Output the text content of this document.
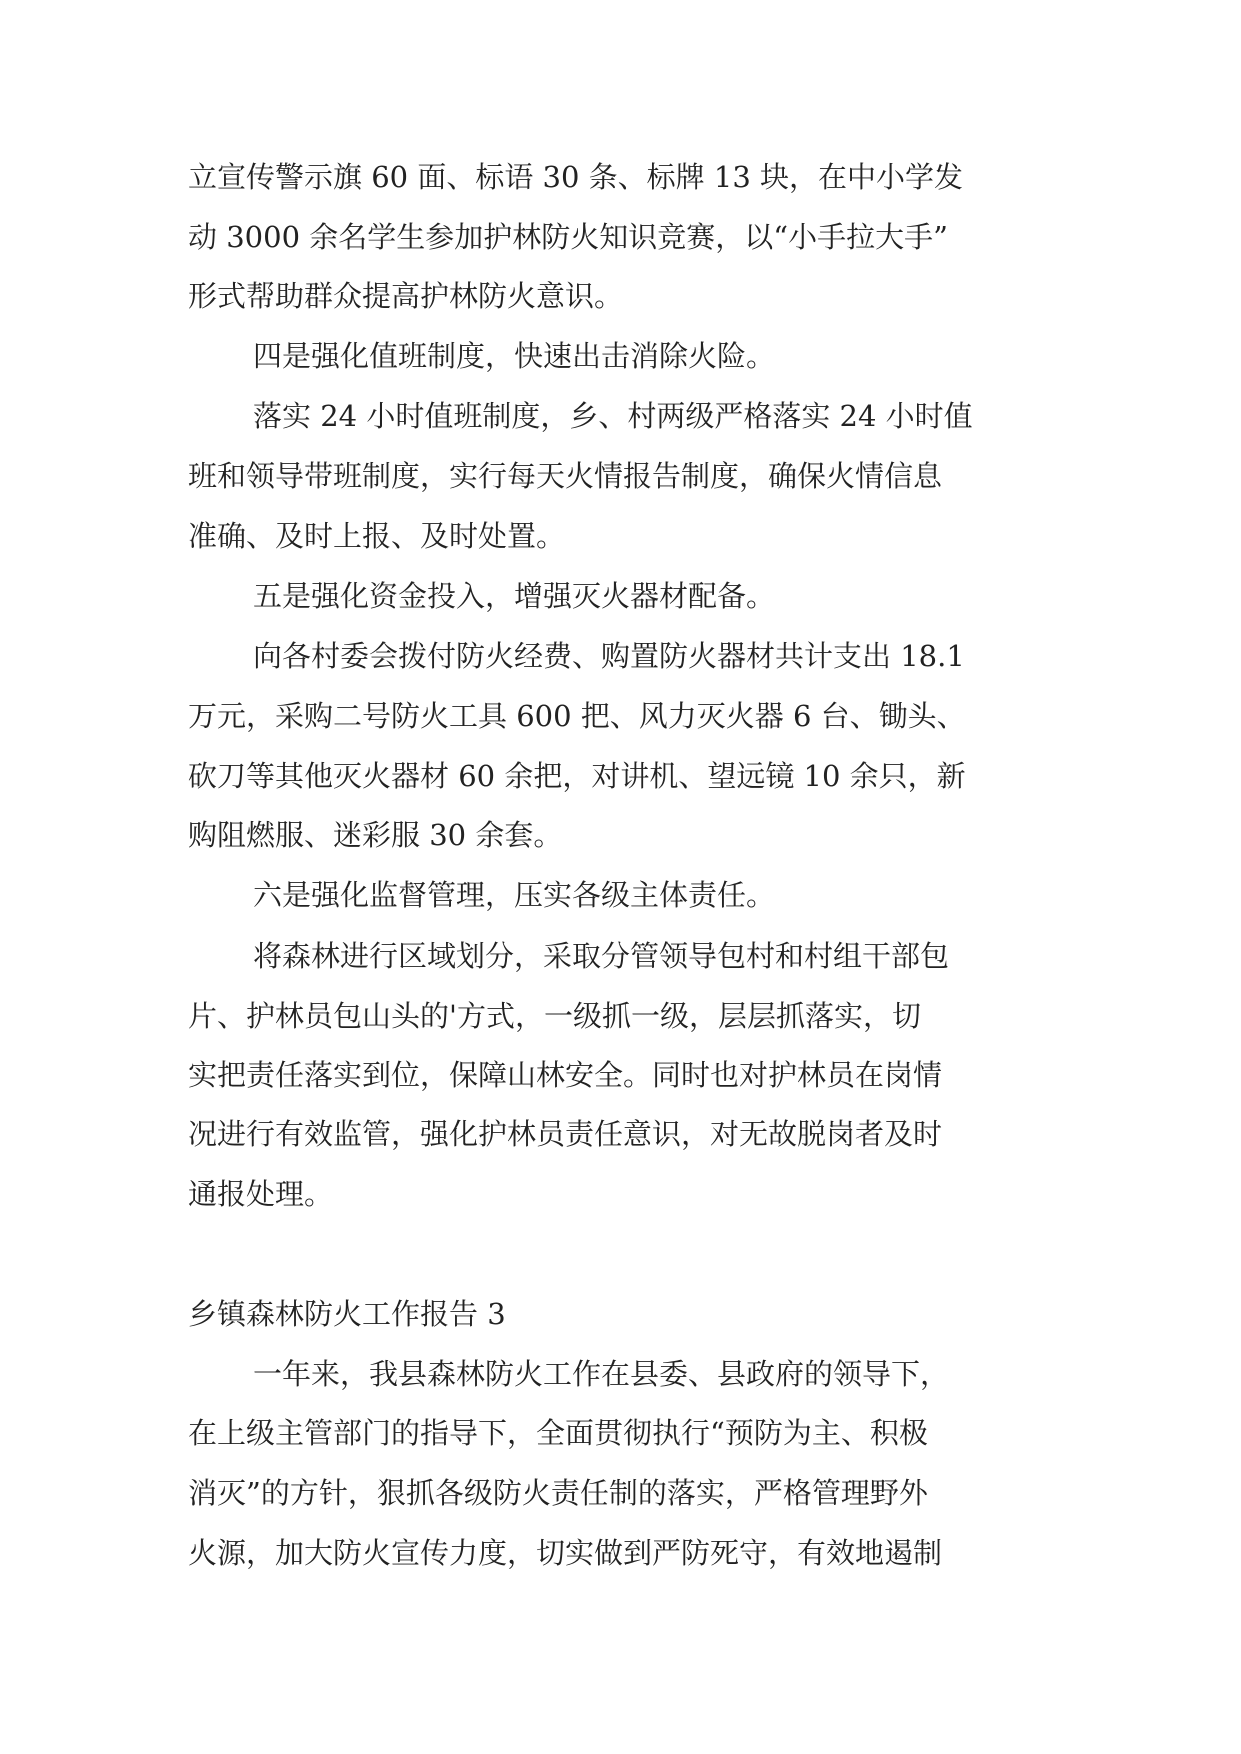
立宣传警示旗 60 面、标语 30 条、标牌 13 块，在中小学发
动 3000 余名学生参加护林防火知识竞赛，以“小手拉大手”
形式帮助群众提高护林防火意识。
四是强化值班制度，快速出击消除火险。
落实 24 小时值班制度，乡、村两级严格落实 24 小时值
班和领导带班制度，实行每天火情报告制度，确保火情信息
准确、及时上报、及时处置。
五是强化资金投入，增强灭火器材配备。
向各村委会拨付防火经费、购置防火器材共计支出 18.1
万元，采购二号防火工具 600 把、风力灭火器 6 台、锄头、
砍刀等其他灭火器材 60 余把，对讲机、望远镜 10 余只，新
购阻燃服、迷彩服 30 余套。
六是强化监督管理，压实各级主体责任。
将森林进行区域划分，采取分管领导包村和村组干部包
片、护林员包山头的'方式，一级抓一级，层层抓落实，切
实把责任落实到位，保障山林安全。同时也对护林员在岗情
况进行有效监管，强化护林员责任意识，对无故脱岗者及时
通报处理。
乡镇森林防火工作报告 3
一年来，我县森林防火工作在县委、县政府的领导下，
在上级主管部门的指导下，全面贯彻执行“预防为主、积极
消灭”的方针，狠抓各级防火责任制的落实，严格管理野外
火源，加大防火宣传力度，切实做到严防死守，有效地遏制
